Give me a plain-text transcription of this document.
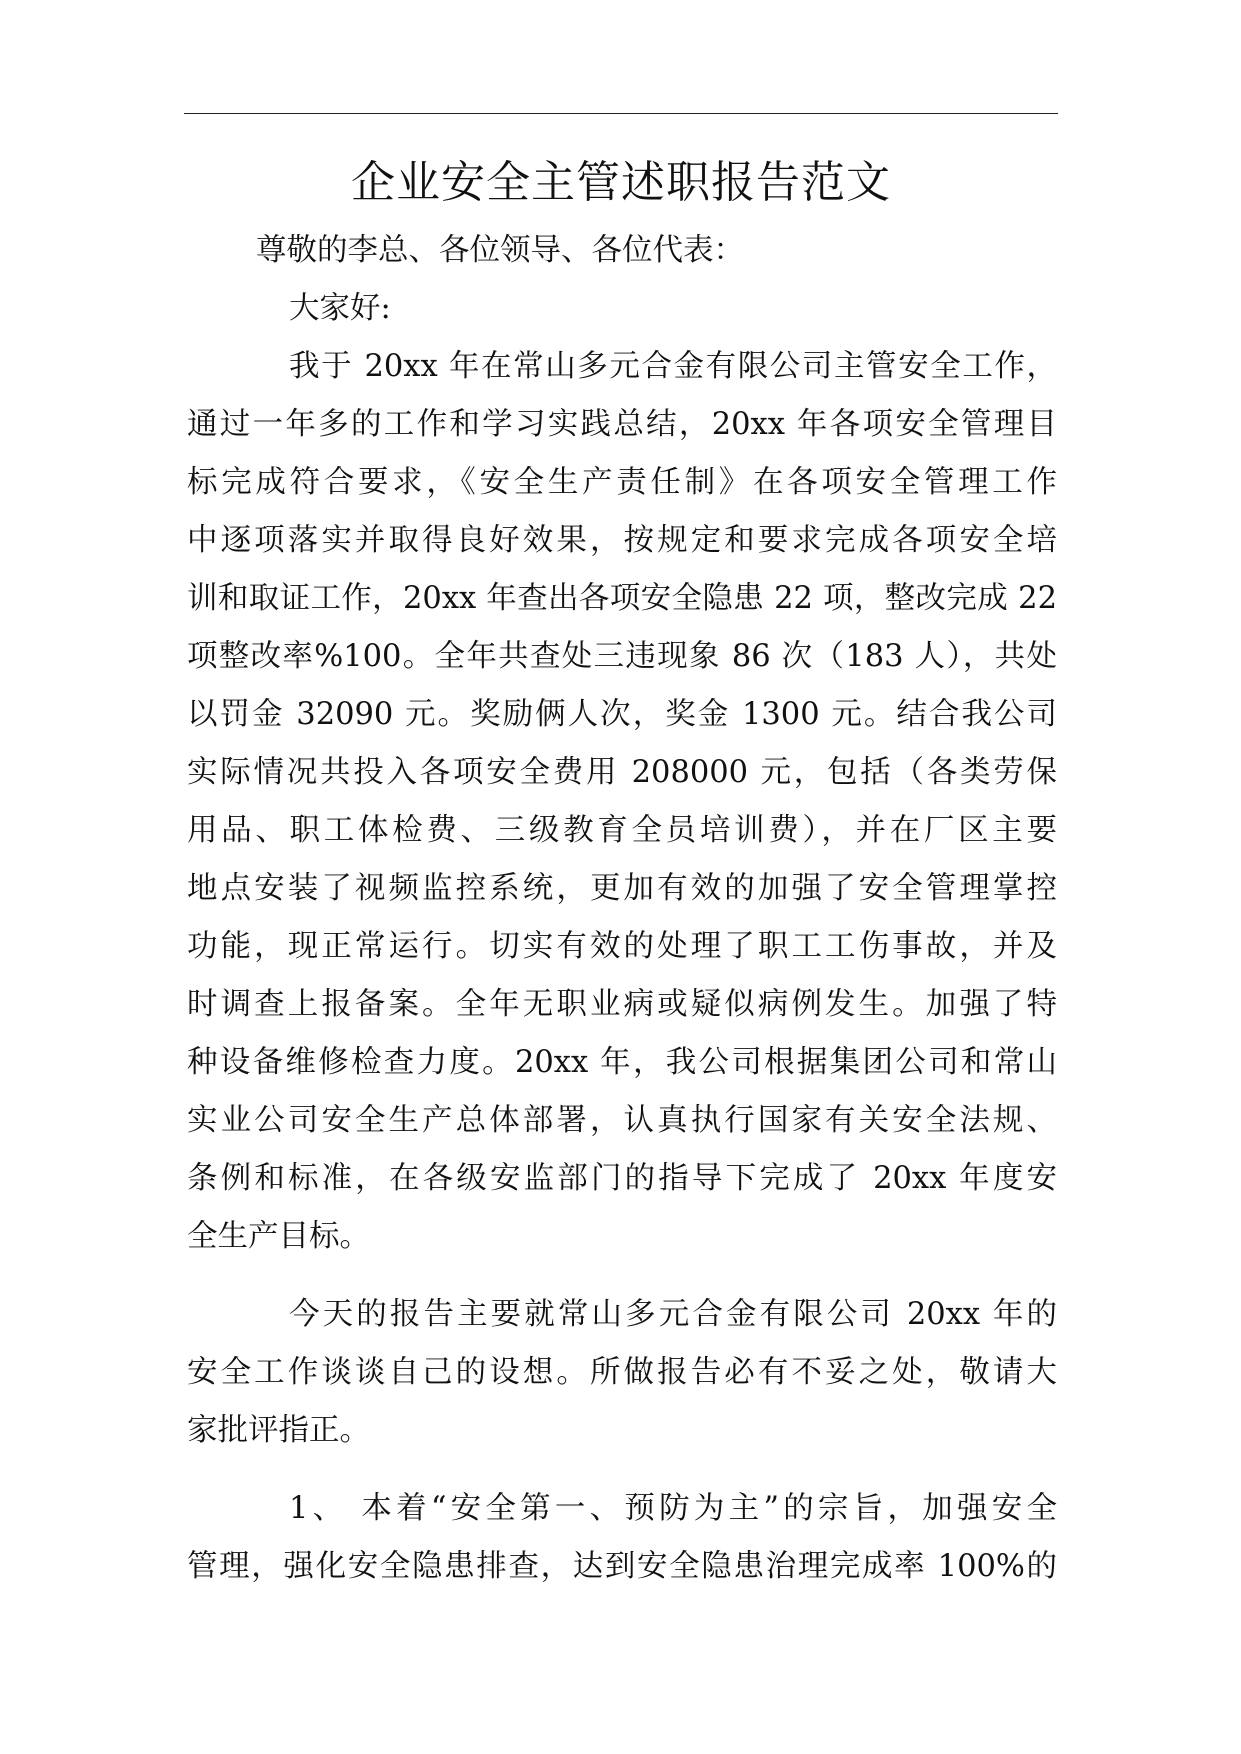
企业安全主管述职报告范文
尊敬的李总、各位领导、各位代表：
大家好:
我于 20xx 年在常山多元合金有限公司主管安全工作，
通过一年多的工作和学习实践总结，20xx 年各项安全管理目
标完成符合要求，《安全生产责任制》在各项安全管理工作
中逐项落实并取得良好效果，按规定和要求完成各项安全培
训和取证工作，20xx 年查出各项安全隐患 22 项，整改完成 22
项整改率%100。全年共查处三违现象 86 次（183 人），共处
以罚金 32090 元。奖励俩人次，奖金 1300 元。结合我公司
实际情况共投入各项安全费用 208000 元，包括（各类劳保
用品、职工体检费、三级教育全员培训费），并在厂区主要
地点安装了视频监控系统，更加有效的加强了安全管理掌控
功能，现正常运行。切实有效的处理了职工工伤事故，并及
时调查上报备案。全年无职业病或疑似病例发生。加强了特
种设备维修检查力度。20xx 年，我公司根据集团公司和常山
实业公司安全生产总体部署，认真执行国家有关安全法规、
条例和标准，在各级安监部门的指导下完成了 20xx 年度安
全生产目标。
今天的报告主要就常山多元合金有限公司 20xx 年的
安全工作谈谈自己的设想。所做报告必有不妥之处，敬请大
家批评指正。
1、 本着“安全第一、预防为主”的宗旨，加强安全
管理，强化安全隐患排查，达到安全隐患治理完成率 100%的
